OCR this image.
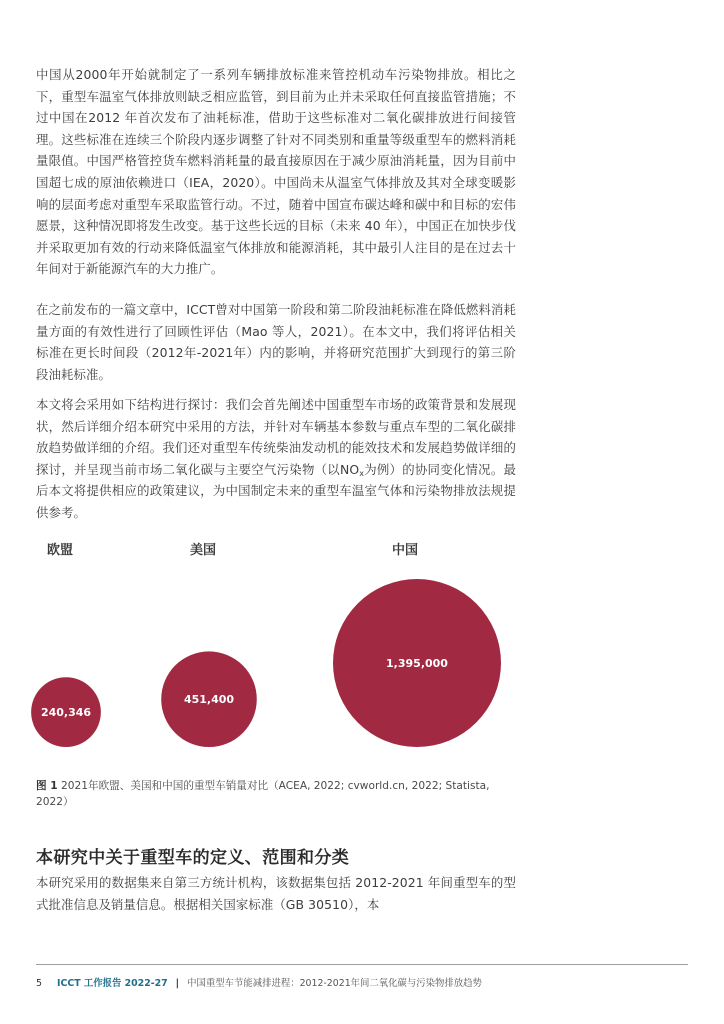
中国从2000年开始就制定了一系列车辆排放标准来管控机动车污染物排放。相比之下，重型车温室气体排放则缺乏相应监管，到目前为止并未采取任何直接监管措施；不过中国在2012 年首次发布了油耗标准，借助于这些标准对二氧化碳排放进行间接管理。这些标准在连续三个阶段内逐步调整了针对不同类别和重量等级重型车的燃料消耗量限值。中国严格管控货车燃料消耗量的最直接原因在于减少原油消耗量，因为目前中国超七成的原油依赖进口（IEA，2020）。中国尚未从温室气体排放及其对全球变暖影响的层面考虑对重型车采取监管行动。不过，随着中国宣布碳达峰和碳中和目标的宏伟愿景，这种情况即将发生改变。基于这些长远的目标（未来 40 年），中国正在加快步伐并采取更加有效的行动来降低温室气体排放和能源消耗，其中最引人注目的是在过去十年间对于新能源汽车的大力推广。

在之前发布的一篇文章中，ICCT曾对中国第一阶段和第二阶段油耗标准在降低燃料消耗量方面的有效性进行了回顾性评估（Mao 等人，2021）。在本文中，我们将评估相关标准在更长时间段（2012年-2021年）内的影响，并将研究范围扩大到现行的第三阶段油耗标准。

本文将会采用如下结构进行探讨：我们会首先阐述中国重型车市场的政策背景和发展现状，然后详细介绍本研究中采用的方法，并针对车辆基本参数与重点车型的二氧化碳排放趋势做详细的介绍。我们还对重型车传统柴油发动机的能效技术和发展趋势做详细的探讨，并呈现当前市场二氧化碳与主要空气污染物（以$NO_x$为例）的协同变化情况。最后本文将提供相应的政策建议，为中国制定未来的重型车温室气体和污染物排放法规提供参考。

欧盟
240,346
美国
451,400
中国
1,395,000

图 1 2021年欧盟、美国和中国的重型车销量对比（ACEA, 2022; cvworld.cn, 2022; Statista, 2022）

本研究中关于重型车的定义、范围和分类

本研究采用的数据集来自第三方统计机构，该数据集包括 2012-2021 年间重型车的型式批准信息及销量信息。根据相关国家标准（GB 30510），本

5 ICCT 工作报告 2022-27 | 中国重型车节能减排进程：2012-2021年间二氧化碳与污染物排放趋势
